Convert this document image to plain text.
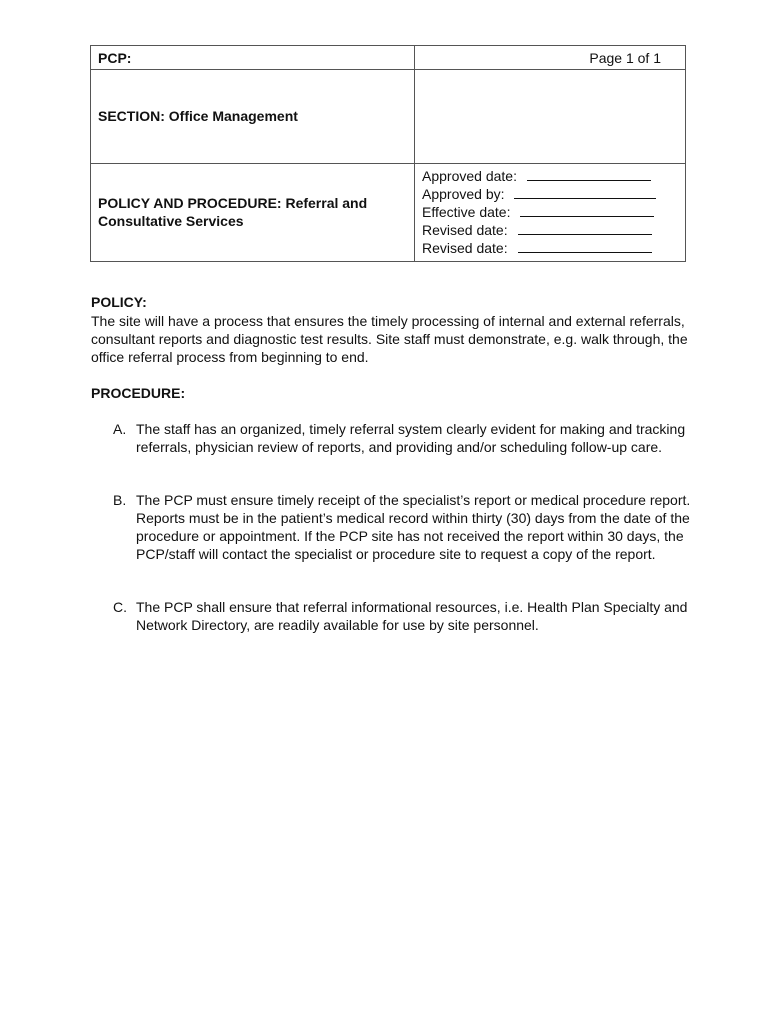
PCP:	Page 1 of 1
SECTION: Office Management	
POLICY AND PROCEDURE: Referral and Consultative Services	Approved date:
Approved by:
Effective date:
Revised date:
Revised date:
POLICY:
The site will have a process that ensures the timely processing of internal and external referrals, consultant reports and diagnostic test results. Site staff must demonstrate, e.g. walk through, the office referral process from beginning to end.
PROCEDURE:
A. The staff has an organized, timely referral system clearly evident for making and tracking referrals, physician review of reports, and providing and/or scheduling follow-up care.
B. The PCP must ensure timely receipt of the specialist’s report or medical procedure report. Reports must be in the patient’s medical record within thirty (30) days from the date of the procedure or appointment. If the PCP site has not received the report within 30 days, the PCP/staff will contact the specialist or procedure site to request a copy of the report.
C. The PCP shall ensure that referral informational resources, i.e. Health Plan Specialty and Network Directory, are readily available for use by site personnel.
